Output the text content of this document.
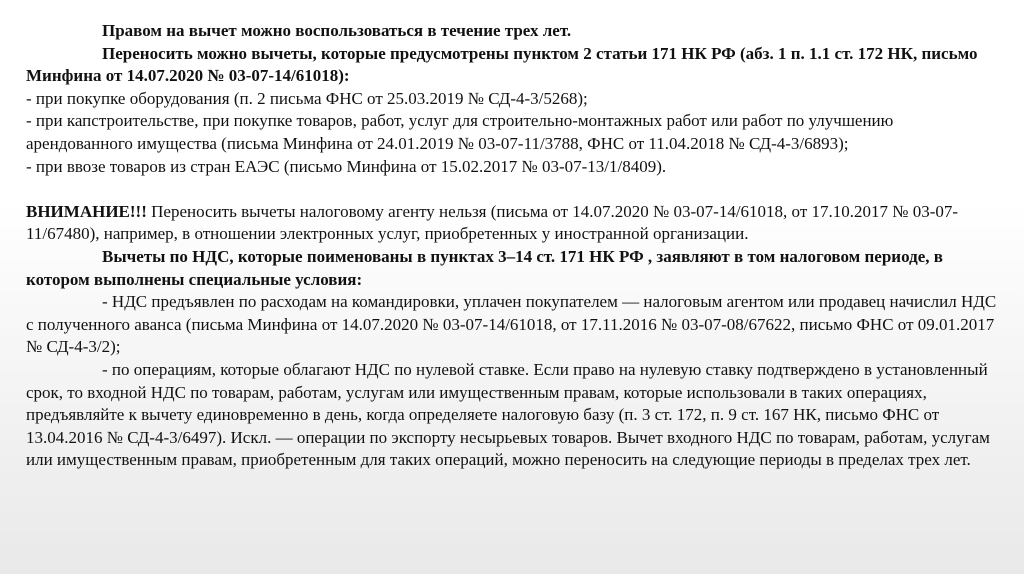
Правом на вычет можно воспользоваться в течение трех лет.

Переносить можно вычеты, которые предусмотрены пунктом 2 статьи 171 НК РФ (абз. 1 п. 1.1 ст. 172 НК, письмо Минфина от 14.07.2020 № 03-07-14/61018):

- при покупке оборудования (п. 2 письма ФНС от 25.03.2019 № СД-4-3/5268);

- при капстроительстве, при покупке товаров, работ, услуг для строительно-монтажных работ или работ по улучшению арендованного имущества (письма Минфина от 24.01.2019 № 03-07-11/3788, ФНС от 11.04.2018 № СД-4-3/6893);

- при ввозе товаров из стран ЕАЭС (письмо Минфина от 15.02.2017 № 03-07-13/1/8409).

ВНИМАНИЕ!!! Переносить вычеты налоговому агенту нельзя (письма от 14.07.2020 № 03-07-14/61018, от 17.10.2017 № 03-07-11/67480), например, в отношении электронных услуг, приобретенных у иностранной организации.

Вычеты по НДС, которые поименованы в пунктах 3–14 ст. 171 НК РФ , заявляют в том налоговом периоде, в котором выполнены специальные условия:

- НДС предъявлен по расходам на командировки, уплачен покупателем — налоговым агентом или продавец начислил НДС с полученного аванса (письма Минфина от 14.07.2020 № 03-07-14/61018, от 17.11.2016 № 03-07-08/67622, письмо ФНС от 09.01.2017 № СД-4-3/2);

- по операциям, которые облагают НДС по нулевой ставке. Если право на нулевую ставку подтверждено в установленный срок, то входной НДС по товарам, работам, услугам или имущественным правам, которые использовали в таких операциях, предъявляйте к вычету единовременно в день, когда определяете налоговую базу (п. 3 ст. 172, п. 9 ст. 167 НК, письмо ФНС от 13.04.2016 № СД-4-3/6497). Искл. — операции по экспорту несырьевых товаров. Вычет входного НДС по товарам, работам, услугам или имущественным правам, приобретенным для таких операций, можно переносить на следующие периоды в пределах трех лет.
